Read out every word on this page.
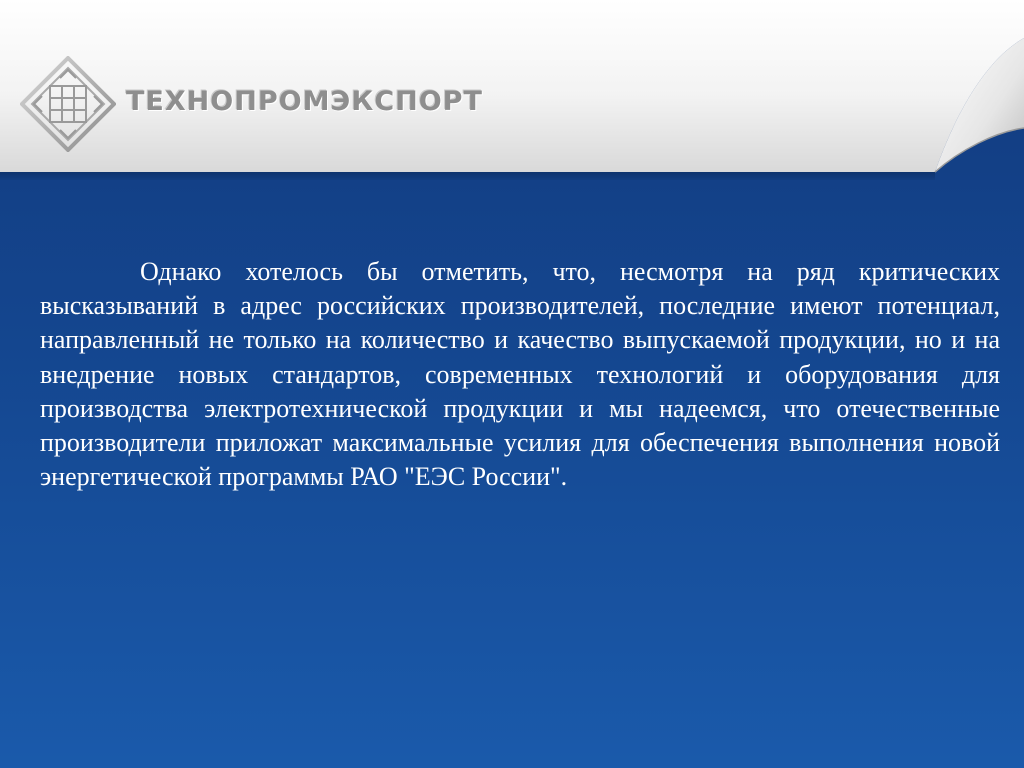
ТЕХНОПРОМЭКСПОРТ

Однако хотелось бы отметить, что, несмотря на ряд критических высказываний в адрес российских производителей, последние имеют потенциал, направленный не только на количество и качество выпускаемой продукции, но и на внедрение новых стандартов, современных технологий и оборудования для производства электротехнической продукции и мы надеемся, что отечественные производители приложат максимальные усилия для обеспечения выполнения новой энергетической программы РАО "ЕЭС России".
